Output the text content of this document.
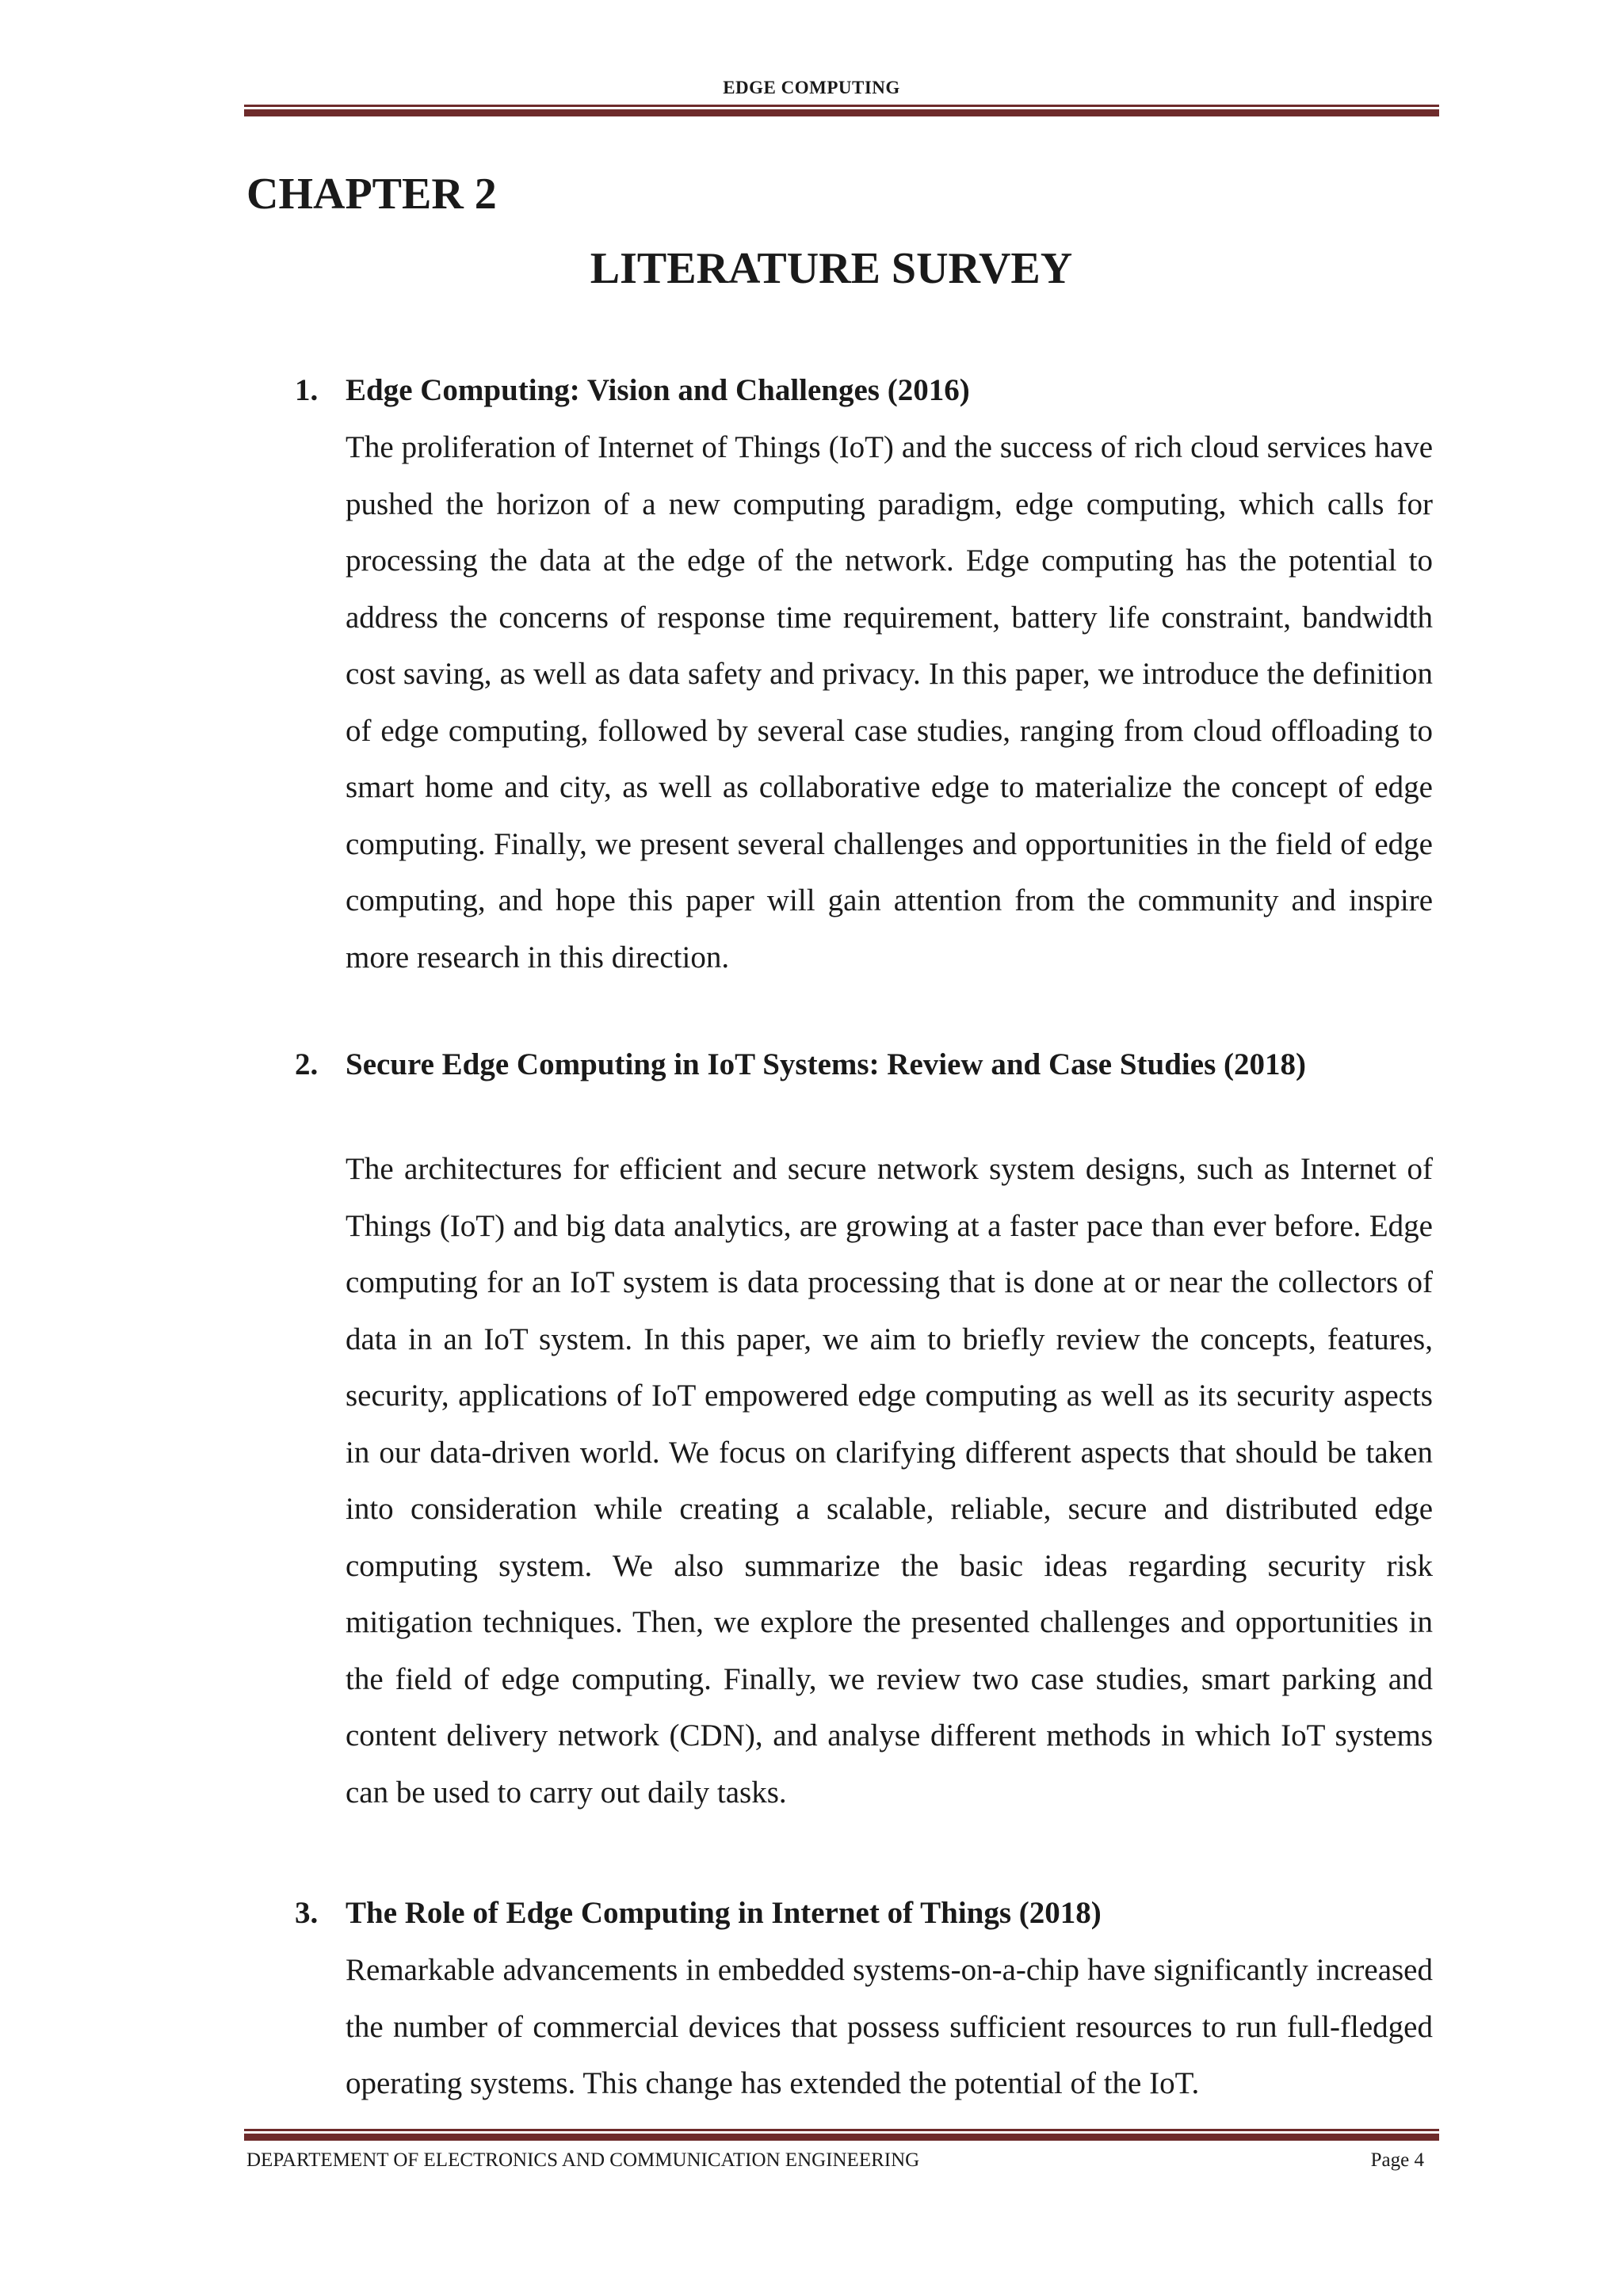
EDGE COMPUTING
CHAPTER 2
LITERATURE SURVEY

1. Edge Computing: Vision and Challenges (2016)

The proliferation of Internet of Things (IoT) and the success of rich cloud services have pushed the horizon of a new computing paradigm, edge computing, which calls for processing the data at the edge of the network. Edge computing has the potential to address the concerns of response time requirement, battery life constraint, bandwidth cost saving, as well as data safety and privacy. In this paper, we introduce the definition of edge computing, followed by several case studies, ranging from cloud offloading to smart home and city, as well as collaborative edge to materialize the concept of edge computing. Finally, we present several challenges and opportunities in the field of edge computing, and hope this paper will gain attention from the community and inspire more research in this direction.

2. Secure Edge Computing in IoT Systems: Review and Case Studies (2018)

The architectures for efficient and secure network system designs, such as Internet of Things (IoT) and big data analytics, are growing at a faster pace than ever before. Edge computing for an IoT system is data processing that is done at or near the collectors of data in an IoT system. In this paper, we aim to briefly review the concepts, features, security, applications of IoT empowered edge computing as well as its security aspects in our data-driven world. We focus on clarifying different aspects that should be taken into consideration while creating a scalable, reliable, secure and distributed edge computing system. We also summarize the basic ideas regarding security risk mitigation techniques. Then, we explore the presented challenges and opportunities in the field of edge computing. Finally, we review two case studies, smart parking and content delivery network (CDN), and analyse different methods in which IoT systems can be used to carry out daily tasks.

3. The Role of Edge Computing in Internet of Things (2018)

Remarkable advancements in embedded systems-on-a-chip have significantly increased the number of commercial devices that possess sufficient resources to run full-fledged operating systems. This change has extended the potential of the IoT.

DEPARTEMENT OF ELECTRONICS AND COMMUNICATION ENGINEERING	Page 4
